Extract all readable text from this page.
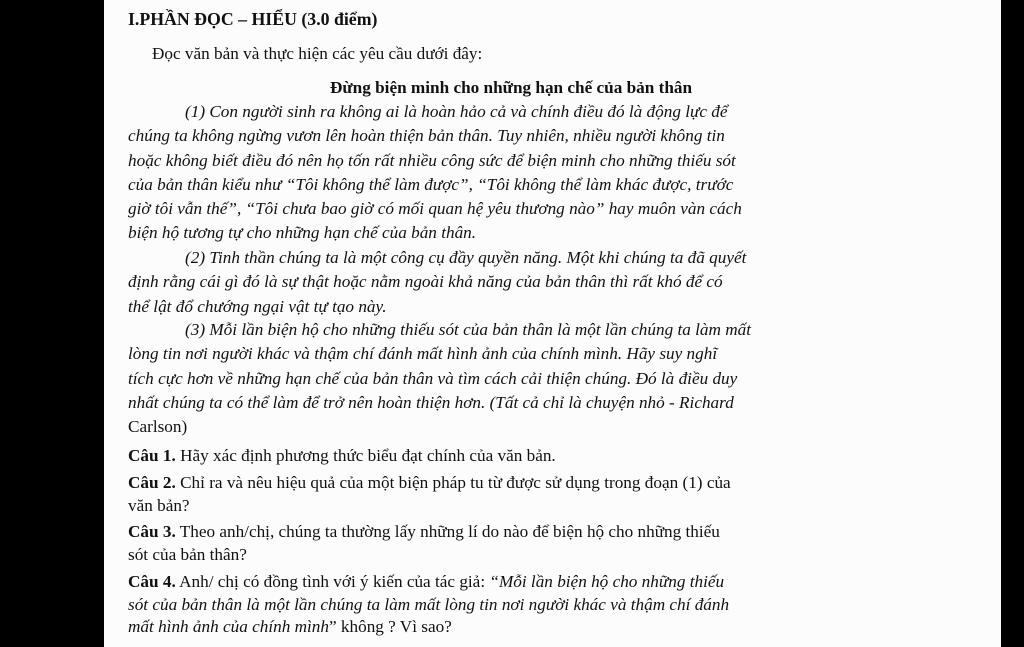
I.PHẦN ĐỌC – HIỂU (3.0 điểm)
Đọc văn bản và thực hiện các yêu cầu dưới đây:
Đừng biện minh cho những hạn chế của bản thân
(1) Con người sinh ra không ai là hoàn hảo cả và chính điều đó là động lực để
chúng ta không ngừng vươn lên hoàn thiện bản thân. Tuy nhiên, nhiều người không tin
hoặc không biết điều đó nên họ tốn rất nhiều công sức để biện minh cho những thiếu sót
của bản thân kiểu như “Tôi không thể làm được”, “Tôi không thể làm khác được, trước
giờ tôi vẫn thế”, “Tôi chưa bao giờ có mối quan hệ yêu thương nào” hay muôn vàn cách
biện hộ tương tự cho những hạn chế của bản thân.
(2) Tinh thần chúng ta là một công cụ đầy quyền năng. Một khi chúng ta đã quyết
định rằng cái gì đó là sự thật hoặc nằm ngoài khả năng của bản thân thì rất khó để có
thể lật đổ chướng ngại vật tự tạo này.
(3) Mỗi lần biện hộ cho những thiếu sót của bản thân là một lần chúng ta làm mất
lòng tin nơi người khác và thậm chí đánh mất hình ảnh của chính mình. Hãy suy nghĩ
tích cực hơn về những hạn chế của bản thân và tìm cách cải thiện chúng. Đó là điều duy
nhất chúng ta có thể làm để trở nên hoàn thiện hơn. (Tất cả chỉ là chuyện nhỏ - Richard
Carlson)
Câu 1. Hãy xác định phương thức biểu đạt chính của văn bản.
Câu 2. Chỉ ra và nêu hiệu quả của một biện pháp tu từ được sử dụng trong đoạn (1) của
văn bản?
Câu 3. Theo anh/chị, chúng ta thường lấy những lí do nào để biện hộ cho những thiếu
sót của bản thân?
Câu 4. Anh/ chị có đồng tình với ý kiến của tác giả: “Mỗi lần biện hộ cho những thiếu
sót của bản thân là một lần chúng ta làm mất lòng tin nơi người khác và thậm chí đánh
mất hình ảnh của chính mình” không ? Vì sao?
